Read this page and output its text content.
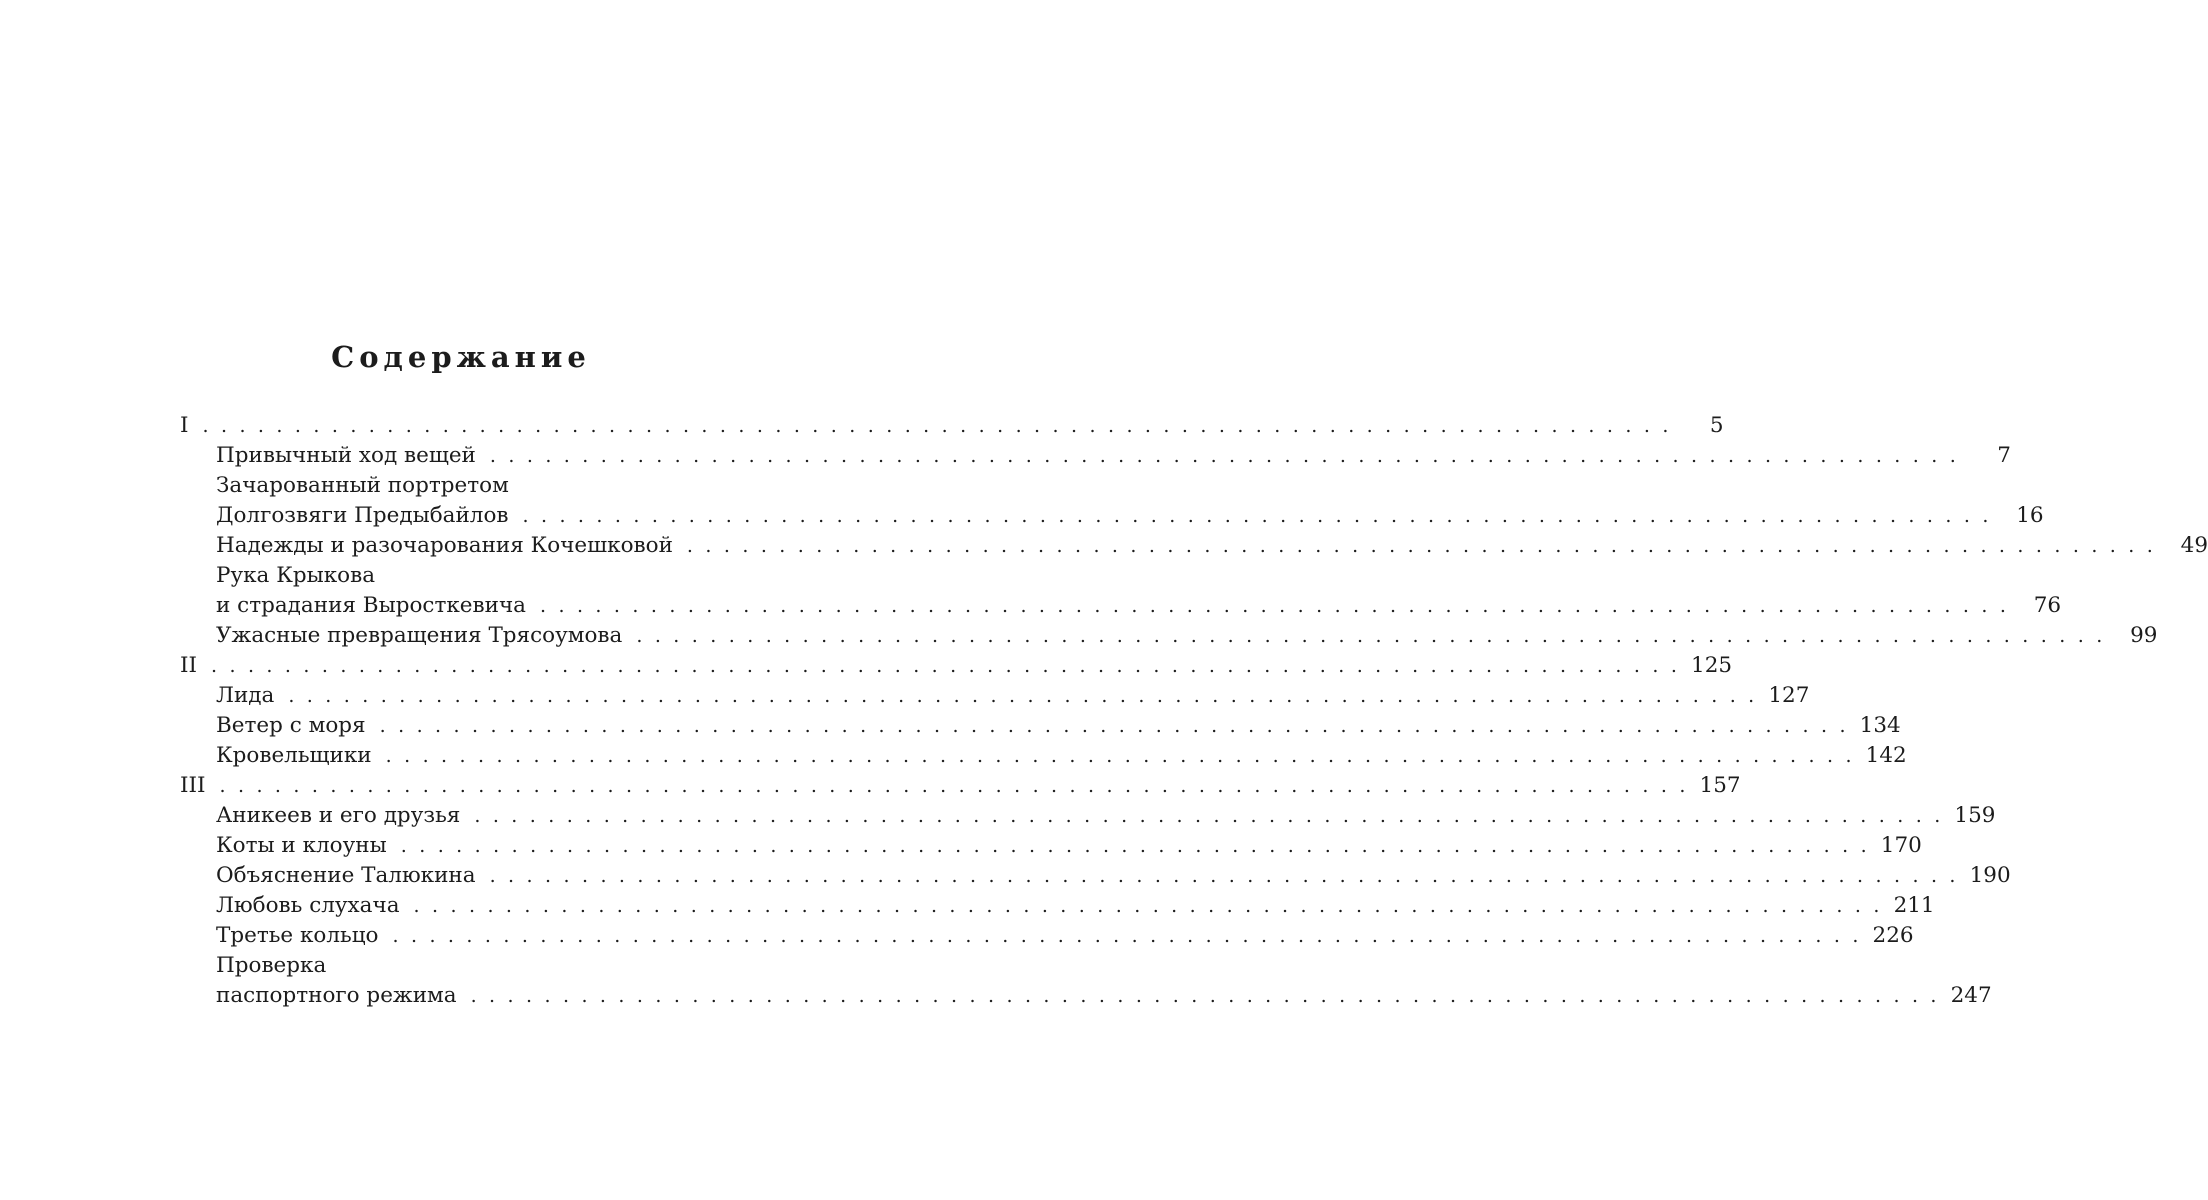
Содержание
I . . . . . . . . . . . . . . . . . . . . . . . . . . . . . . . . . . . . . . . . . . . . . . . . . . . . . . . . . . . . . . . . . . . . . . . . . . . . . . . .	5
Привычный ход вещей . . . . . . . . . . . . . . . . . . . . . . . . . . . . . . . . . . . . . . . . . . . . . . . . . . . . . . . . . . . . . . . . . . . . . . . . . . . . . . . .	7
Зачарованный портретом
Долгозвяги Предыбайлов . . . . . . . . . . . . . . . . . . . . . . . . . . . . . . . . . . . . . . . . . . . . . . . . . . . . . . . . . . . . . . . . . . . . . . . . . . . . . . . .	16
Надежды и разочарования Кочешковой . . . . . . . . . . . . . . . . . . . . . . . . . . . . . . . . . . . . . . . . . . . . . . . . . . . . . . . . . . . . . . . . . . . . . . . . . . . . . . . .	49
Рука Крыкова
и страдания Выросткевича . . . . . . . . . . . . . . . . . . . . . . . . . . . . . . . . . . . . . . . . . . . . . . . . . . . . . . . . . . . . . . . . . . . . . . . . . . . . . . . .	76
Ужасные превращения Трясоумова . . . . . . . . . . . . . . . . . . . . . . . . . . . . . . . . . . . . . . . . . . . . . . . . . . . . . . . . . . . . . . . . . . . . . . . . . . . . . . . .	99
II . . . . . . . . . . . . . . . . . . . . . . . . . . . . . . . . . . . . . . . . . . . . . . . . . . . . . . . . . . . . . . . . . . . . . . . . . . . . . . . . 125
Лида . . . . . . . . . . . . . . . . . . . . . . . . . . . . . . . . . . . . . . . . . . . . . . . . . . . . . . . . . . . . . . . . . . . . . . . . . . . . . . . . 127
Ветер с моря . . . . . . . . . . . . . . . . . . . . . . . . . . . . . . . . . . . . . . . . . . . . . . . . . . . . . . . . . . . . . . . . . . . . . . . . . . . . . . . . 134
Кровельщики . . . . . . . . . . . . . . . . . . . . . . . . . . . . . . . . . . . . . . . . . . . . . . . . . . . . . . . . . . . . . . . . . . . . . . . . . . . . . . . . 142
III . . . . . . . . . . . . . . . . . . . . . . . . . . . . . . . . . . . . . . . . . . . . . . . . . . . . . . . . . . . . . . . . . . . . . . . . . . . . . . . . 157
Аникеев и его друзья . . . . . . . . . . . . . . . . . . . . . . . . . . . . . . . . . . . . . . . . . . . . . . . . . . . . . . . . . . . . . . . . . . . . . . . . . . . . . . . . 159
Коты и клоуны . . . . . . . . . . . . . . . . . . . . . . . . . . . . . . . . . . . . . . . . . . . . . . . . . . . . . . . . . . . . . . . . . . . . . . . . . . . . . . . . 170
Объяснение Талюкина . . . . . . . . . . . . . . . . . . . . . . . . . . . . . . . . . . . . . . . . . . . . . . . . . . . . . . . . . . . . . . . . . . . . . . . . . . . . . . . . 190
Любовь слухача . . . . . . . . . . . . . . . . . . . . . . . . . . . . . . . . . . . . . . . . . . . . . . . . . . . . . . . . . . . . . . . . . . . . . . . . . . . . . . . . 211
Третье кольцо . . . . . . . . . . . . . . . . . . . . . . . . . . . . . . . . . . . . . . . . . . . . . . . . . . . . . . . . . . . . . . . . . . . . . . . . . . . . . . . . 226
Проверка
паспортного режима . . . . . . . . . . . . . . . . . . . . . . . . . . . . . . . . . . . . . . . . . . . . . . . . . . . . . . . . . . . . . . . . . . . . . . . . . . . . . . . . 247
